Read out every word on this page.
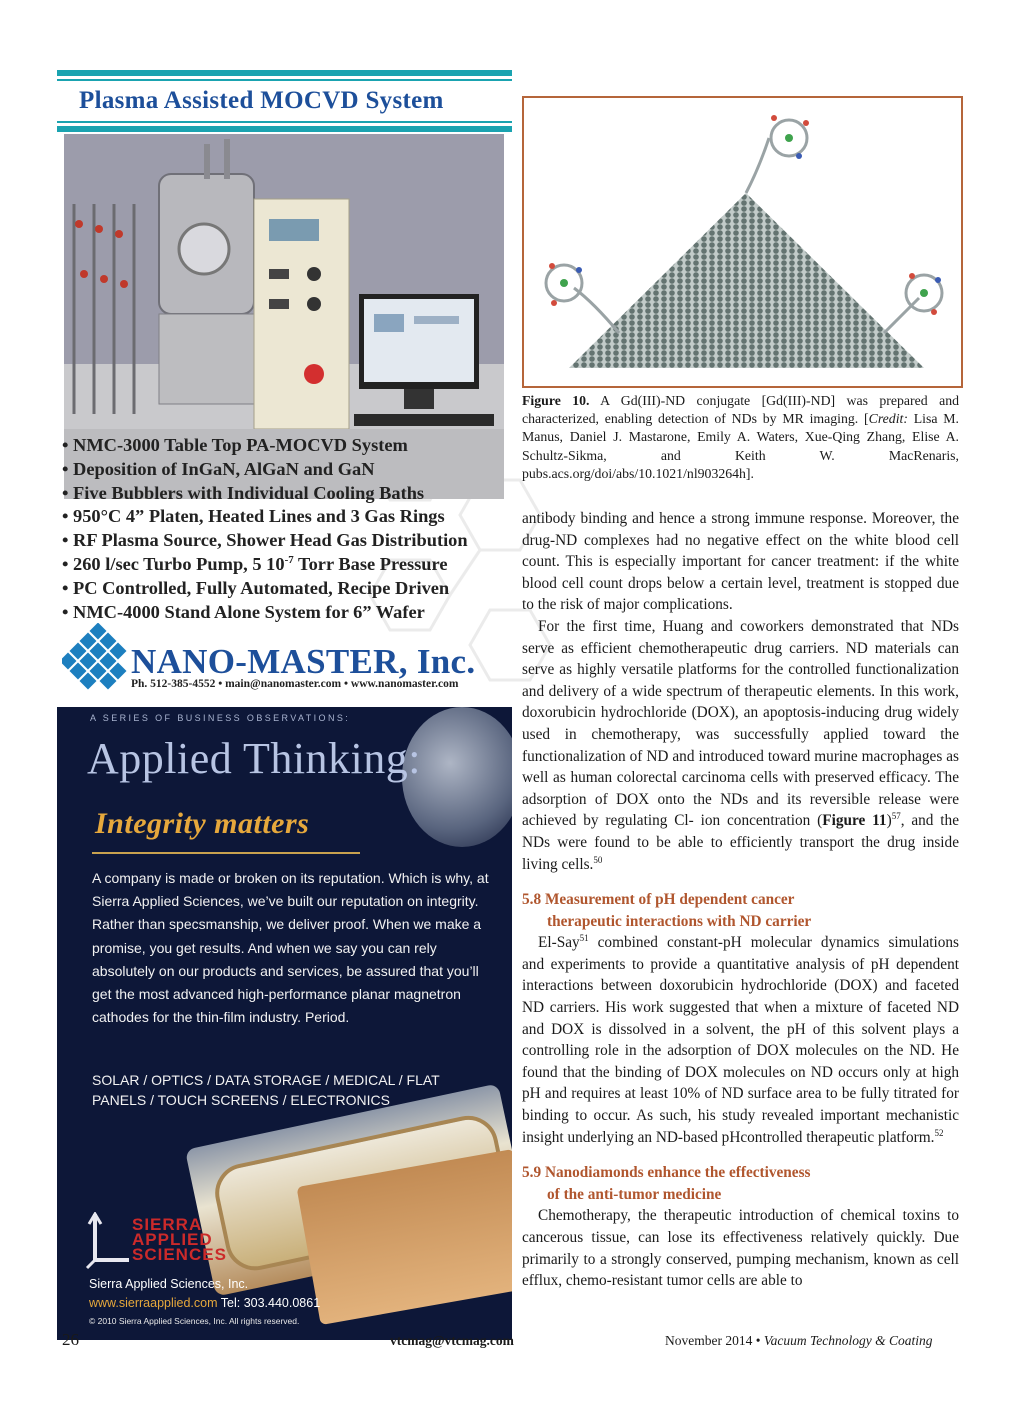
Plasma Assisted MOCVD System
• NMC-3000 Table Top PA-MOCVD System
• Deposition of InGaN, AlGaN and GaN
• Five Bubblers with Individual Cooling Baths
• 950°C 4” Platen, Heated Lines and 3 Gas Rings
• RF Plasma Source, Shower Head Gas Distribution
• 260 l/sec Turbo Pump, 5 $10^{-7}$ Torr Base Pressure
• PC Controlled, Fully Automated, Recipe Driven
• NMC-4000 Stand Alone System for 6” Wafer
NANO-MASTER, Inc.
Ph. 512-385-4552 • main@nanomaster.com • www.nanomaster.com
A SERIES OF BUSINESS OBSERVATIONS:
Applied Thinking:
Integrity matters

A company is made or broken on its reputation. Which is why, at Sierra Applied Sciences, we’ve built our reputation on integrity. Rather than specsmanship, we deliver proof. When we make a promise, you get results. And when we say you can rely absolutely on our products and services, be assured that you’ll get the most advanced high-performance planar magnetron cathodes for the thin-film industry. Period.

SOLAR / OPTICS / DATA STORAGE / MEDICAL / FLAT PANELS / TOUCH SCREENS / ELECTRONICS

SIERRA
APPLIED
SCIENCES
Sierra Applied Sciences, Inc.
www.sierraapplied.com Tel: 303.440.0861
© 2010 Sierra Applied Sciences, Inc. All rights reserved.
Figure 10. A Gd(III)-ND conjugate [Gd(III)-ND] was prepared and characterized, enabling detection of NDs by MR imaging. [Credit: Lisa M. Manus, Daniel J. Mastarone, Emily A. Waters, Xue-Qing Zhang, Elise A. Schultz-Sikma, and Keith W. MacRenaris, pubs.acs.org/doi/abs/10.1021/nl903264h].

antibody binding and hence a strong immune response. Moreover, the drug-ND complexes had no negative effect on the white blood cell count. This is especially important for cancer treatment: if the white blood cell count drops below a certain level, treatment is stopped due to the risk of major complications.

For the first time, Huang and coworkers demonstrated that NDs serve as efficient chemotherapeutic drug carriers. ND materials can serve as highly versatile platforms for the controlled functionalization and delivery of a wide spectrum of therapeutic elements. In this work, doxorubicin hydrochloride (DOX), an apoptosis-inducing drug widely used in chemotherapy, was successfully applied toward the functionalization of ND and introduced toward murine macrophages as well as human colorectal carcinoma cells with preserved efficacy. The adsorption of DOX onto the NDs and its reversible release were achieved by regulating Cl- ion concentration (Figure 11)$^{57}$, and the NDs were found to be able to efficiently transport the drug inside living cells.$^{50}$

5.8 Measurement of pH dependent cancer
therapeutic interactions with ND carrier

El-Say$^{51}$ combined constant-pH molecular dynamics simulations and experiments to provide a quantitative analysis of pH dependent interactions between doxorubicin hydrochloride (DOX) and faceted ND carriers. His work suggested that when a mixture of faceted ND and DOX is dissolved in a solvent, the pH of this solvent plays a controlling role in the adsorption of DOX molecules on the ND. He found that the binding of DOX molecules on ND occurs only at high pH and requires at least 10% of ND surface area to be fully titrated for binding to occur. As such, his study revealed important mechanistic insight underlying an ND-based pHcontrolled therapeutic platform.$^{52}$

5.9 Nanodiamonds enhance the effectiveness
of the anti-tumor medicine

Chemotherapy, the therapeutic introduction of chemical toxins to cancerous tissue, can lose its effectiveness relatively quickly. Due primarily to a strongly conserved, pumping mechanism, known as cell efflux, chemo-resistant tumor cells are able to

26	vtcmag@vtcmag.com	November 2014 • Vacuum Technology & Coating
